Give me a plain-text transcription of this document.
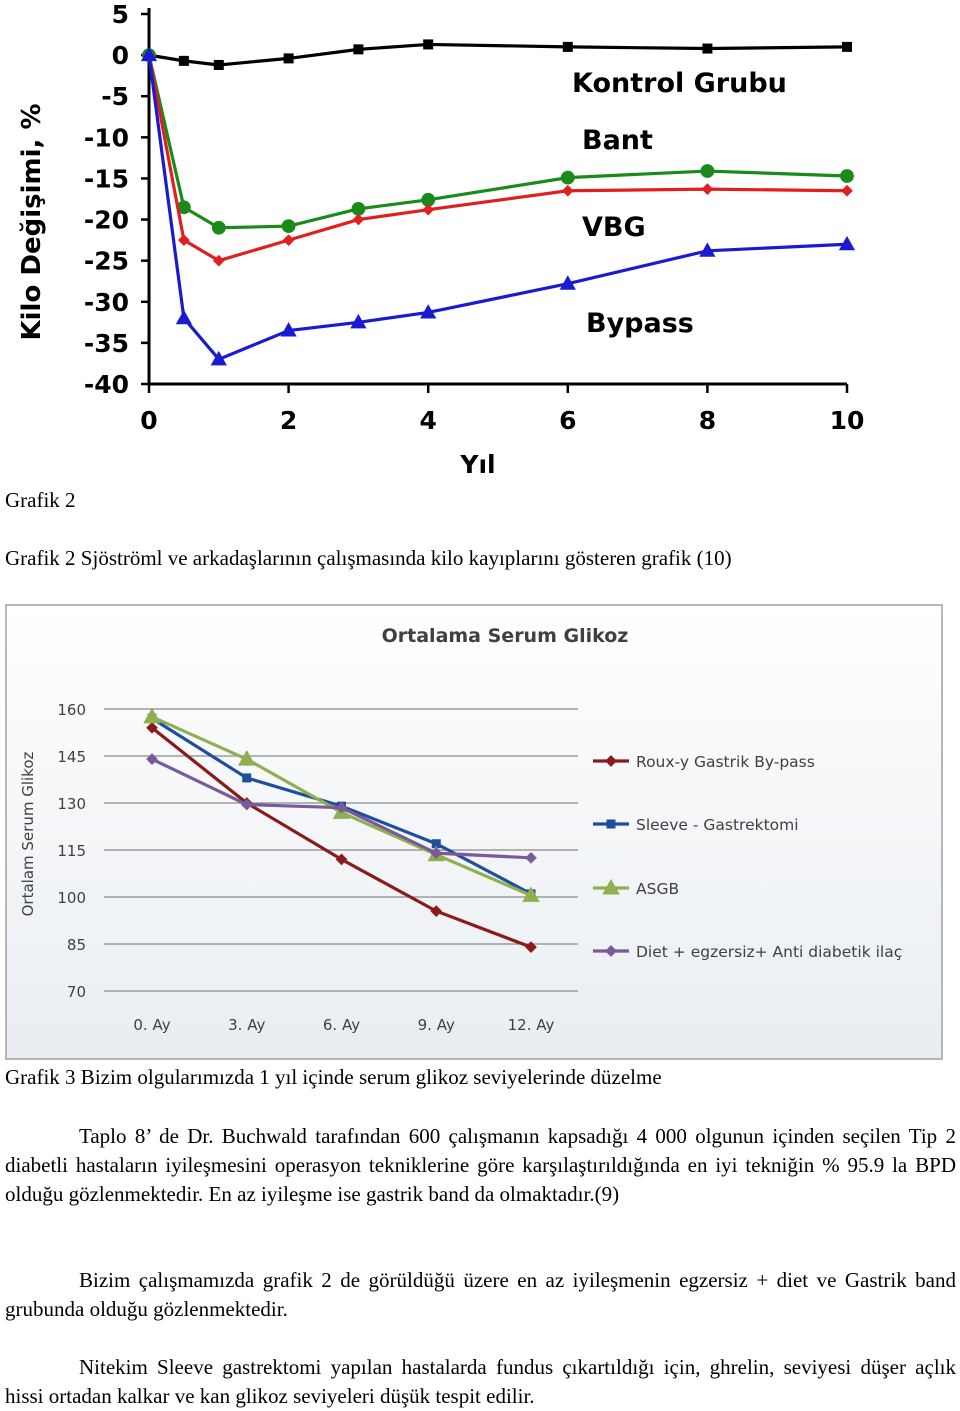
5
0
-5
-10
-15
-20
-25
-30
-35
-40
0	2	4	6	8	10
Kontrol Grubu
Bant
VBG
Bypass
Kilo Değişimi, %
Yıl
Grafik 2
Grafik 2 Sjöströml ve arkadaşlarının çalışmasında kilo kayıplarını gösteren grafik (10)
Ortalama Serum Glikoz
Ortalam Serum Glikoz
160
145
130
115
100
85
70
0. Ay	3. Ay	6. Ay	9. Ay	12. Ay
Roux-y Gastrik By-pass
Sleeve - Gastrektomi
ASGB
Diet + egzersiz+ Anti diabetik ilaç
Grafik 3 Bizim olgularımızda 1 yıl içinde serum glikoz seviyelerinde düzelme

Taplo 8’ de Dr. Buchwald tarafından 600 çalışmanın kapsadığı 4 000 olgunun içinden seçilen Tip 2 diabetli hastaların iyileşmesini operasyon tekniklerine göre karşılaştırıldığında en iyi tekniğin % 95.9 la BPD olduğu gözlenmektedir. En az iyileşme ise gastrik band da olmaktadır.(9)

Bizim çalışmamızda grafik 2 de görüldüğü üzere en az iyileşmenin egzersiz + diet ve Gastrik band grubunda olduğu gözlenmektedir.

Nitekim Sleeve gastrektomi yapılan hastalarda fundus çıkartıldığı için, ghrelin, seviyesi düşer açlık hissi ortadan kalkar ve kan glikoz seviyeleri düşük tespit edilir.
